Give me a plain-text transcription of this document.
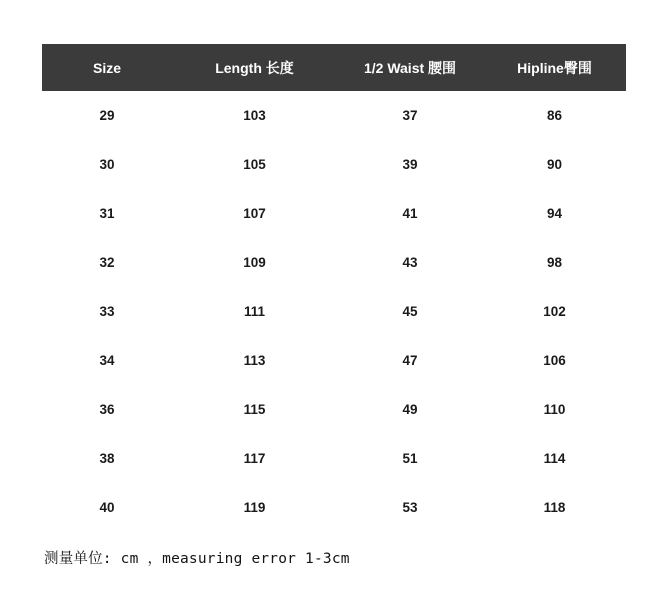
Size	Length 长度	1/2 Waist 腰围	Hipline臀围
29	103	37	86
30	105	39	90
31	107	41	94
32	109	43	98
33	111	45	102
34	113	47	106
36	115	49	110
38	117	51	114
40	119	53	118
测量单位: cm ，measuring error 1-3cm
